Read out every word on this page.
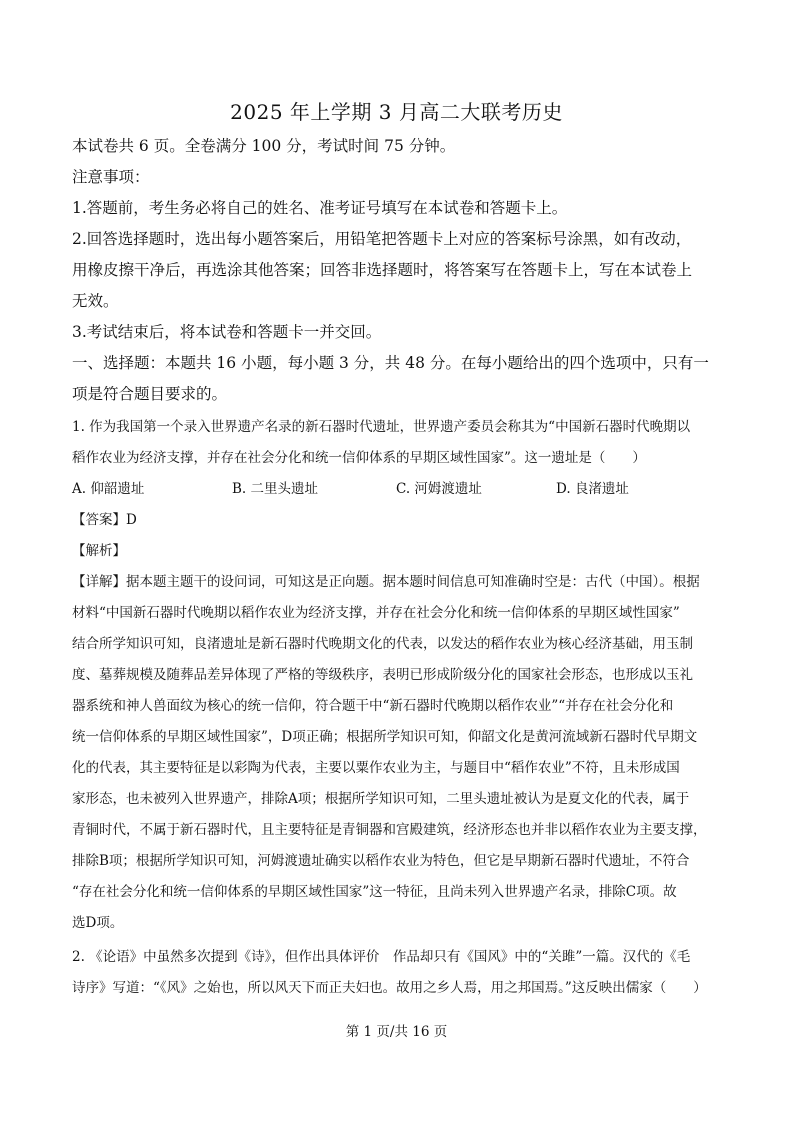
2025 年上学期 3 月高二大联考历史

本试卷共 6 页。全卷满分 100 分，考试时间 75 分钟。

注意事项：

1.答题前，考生务必将自己的姓名、准考证号填写在本试卷和答题卡上。

2.回答选择题时，选出每小题答案后，用铅笔把答题卡上对应的答案标号涂黑，如有改动，

用橡皮擦干净后，再选涂其他答案；回答非选择题时，将答案写在答题卡上，写在本试卷上

无效。

3.考试结束后，将本试卷和答题卡一并交回。

一、选择题：本题共 16 小题，每小题 3 分，共 48 分。在每小题给出的四个选项中，只有一

项是符合题目要求的。

1. 作为我国第一个录入世界遗产名录的新石器时代遗址，世界遗产委员会称其为“中国新石器时代晚期以

稻作农业为经济支撑，并存在社会分化和统一信仰体系的早期区域性国家”。这一遗址是（　　）

A. 仰韶遗址	B. 二里头遗址	C. 河姆渡遗址	D. 良渚遗址

【答案】D

【解析】

【详解】据本题主题干的设问词，可知这是正向题。据本题时间信息可知准确时空是：古代（中国）。根据

材料“中国新石器时代晚期以稻作农业为经济支撑，并存在社会分化和统一信仰体系的早期区域性国家”

结合所学知识可知，良渚遗址是新石器时代晚期文化的代表，以发达的稻作农业为核心经济基础，用玉制

度、墓葬规模及随葬品差异体现了严格的等级秩序，表明已形成阶级分化的国家社会形态，也形成以玉礼

器系统和神人兽面纹为核心的统一信仰，符合题干中“新石器时代晚期以稻作农业”“并存在社会分化和

统一信仰体系的早期区域性国家”，D项正确；根据所学知识可知，仰韶文化是黄河流域新石器时代早期文

化的代表，其主要特征是以彩陶为代表，主要以粟作农业为主，与题目中“稻作农业”不符，且未形成国

家形态，也未被列入世界遗产，排除A项；根据所学知识可知，二里头遗址被认为是夏文化的代表，属于

青铜时代，不属于新石器时代，且主要特征是青铜器和宫殿建筑，经济形态也并非以稻作农业为主要支撑，

排除B项；根据所学知识可知，河姆渡遗址确实以稻作农业为特色，但它是早期新石器时代遗址，不符合

“存在社会分化和统一信仰体系的早期区域性国家”这一特征，且尚未列入世界遗产名录，排除C项。故

选D项。

2. 《论语》中虽然多次提到《诗》，但作出具体评价　作品却只有《国风》中的“关雎”一篇。汉代的《毛

诗序》写道：“《风》之始也，所以风天下而正夫妇也。故用之乡人焉，用之邦国焉。”这反映出儒家（　　）

第 1 页/共 16 页
